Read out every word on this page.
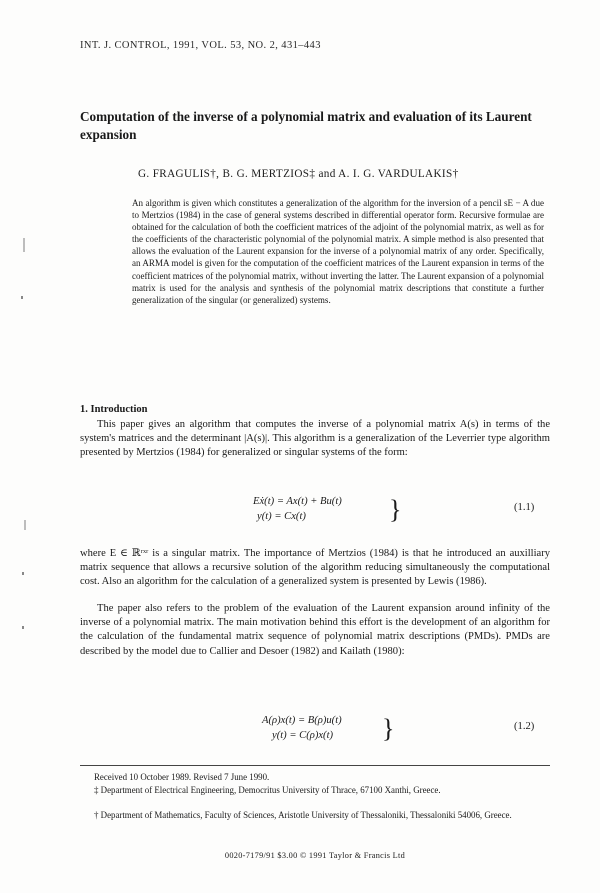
INT. J. CONTROL, 1991, VOL. 53, NO. 2, 431–443
Computation of the inverse of a polynomial matrix and evaluation of its Laurent expansion
G. FRAGULIS†, B. G. MERTZIOS‡ and A. I. G. VARDULAKIS†
An algorithm is given which constitutes a generalization of the algorithm for the inversion of a pencil sE − A due to Mertzios (1984) in the case of general systems described in differential operator form. Recursive formulae are obtained for the calculation of both the coefficient matrices of the adjoint of the polynomial matrix, as well as for the coefficients of the characteristic polynomial of the polynomial matrix. A simple method is also presented that allows the evaluation of the Laurent expansion for the inverse of a polynomial matrix of any order. Specifically, an ARMA model is given for the computation of the coefficient matrices of the Laurent expansion in terms of the coefficient matrices of the polynomial matrix, without inverting the latter. The Laurent expansion of a polynomial matrix is used for the analysis and synthesis of the polynomial matrix descriptions that constitute a further generalization of the singular (or generalized) systems.
1. Introduction
This paper gives an algorithm that computes the inverse of a polynomial matrix A(s) in terms of the system's matrices and the determinant |A(s)|. This algorithm is a generalization of the Leverrier type algorithm presented by Mertzios (1984) for generalized or singular systems of the form:
Eẋ(t) = Ax(t) + Bu(t)
y(t) = Cx(t)	}	(1.1)
where E ∈ ℝʳˣʳ is a singular matrix. The importance of Mertzios (1984) is that he introduced an auxilliary matrix sequence that allows a recursive solution of the algorithm reducing simultaneously the computational cost. Also an algorithm for the calculation of a generalized system is presented by Lewis (1986).
The paper also refers to the problem of the evaluation of the Laurent expansion around infinity of the inverse of a polynomial matrix. The main motivation behind this effort is the development of an algorithm for the calculation of the fundamental matrix sequence of polynomial matrix descriptions (PMDs). PMDs are described by the model due to Callier and Desoer (1982) and Kailath (1980):
A(ρ)x(t) = B(ρ)u(t)
y(t) = C(ρ)x(t)	}	(1.2)
Received 10 October 1989. Revised 7 June 1990.
‡ Department of Electrical Engineering, Democritus University of Thrace, 67100 Xanthi, Greece.
† Department of Mathematics, Faculty of Sciences, Aristotle University of Thessaloniki, Thessaloniki 54006, Greece.
0020-7179/91 $3.00 © 1991 Taylor & Francis Ltd
